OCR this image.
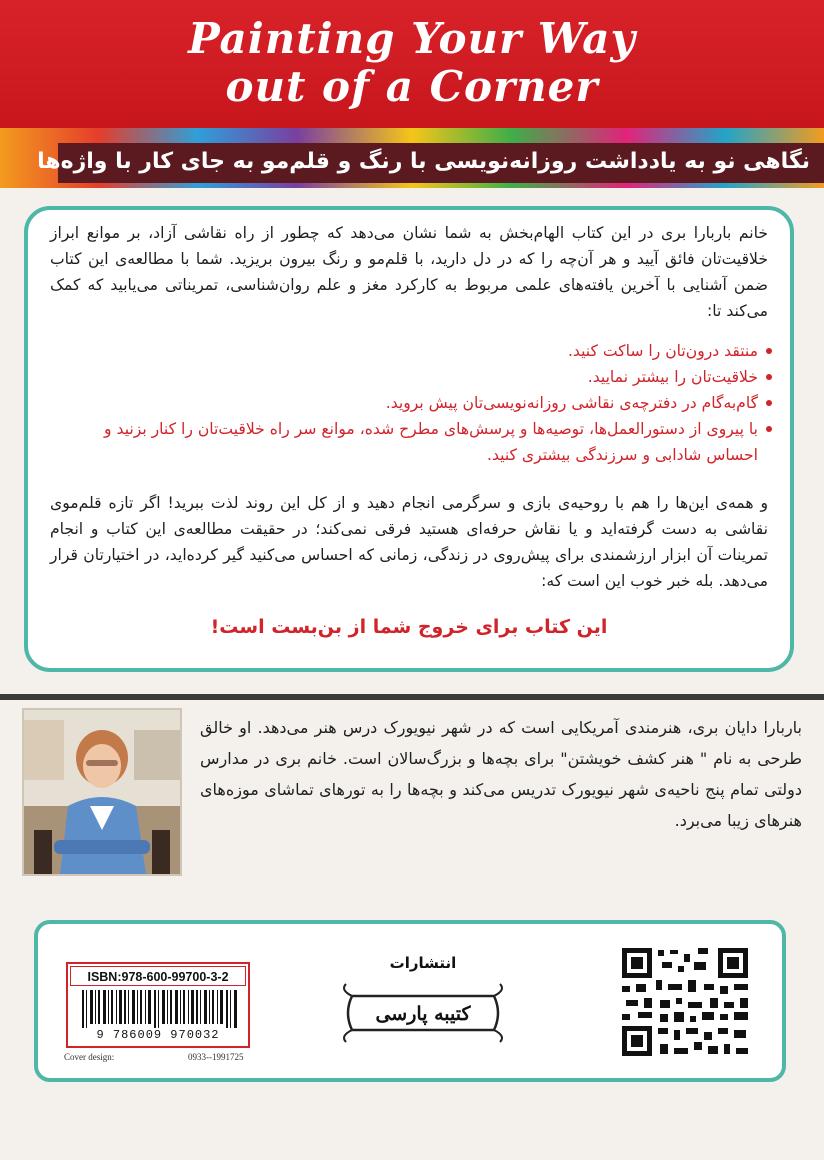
Painting Your Way
out of a Corner
نگاهی نو به یادداشت روزانه‌نویسی با رنگ و قلم‌مو به جای کار با واژه‌ها
خانم باربارا بری در این کتاب الهام‌بخش به شما نشان می‌دهد که چطور از راه نقاشی آزاد، بر موانع ابراز خلاقیت‌تان فائق آیید و هر آن‌چه را که در دل دارید، با قلم‌مو و رنگ بیرون بریزید. شما با مطالعه‌ی این کتاب ضمن آشنایی با آخرین یافته‌های علمی مربوط به کارکرد مغز و علم روان‌شناسی، تمریناتی می‌یابید که کمک می‌کند تا:
منتقد درون‌تان را ساکت کنید.
خلاقیت‌تان را بیشتر نمایید.
گام‌به‌گام در دفترچه‌ی نقاشی روزانه‌نویسی‌تان پیش بروید.
با پیروی از دستورالعمل‌ها، توصیه‌ها و پرسش‌های مطرح شده، موانع سر راه خلاقیت‌تان را کنار بزنید و احساس شادابی و سرزندگی بیشتری کنید.
و همه‌ی این‌ها را هم با روحیه‌ی بازی و سرگرمی انجام دهید و از کل این روند لذت ببرید! اگر تازه قلم‌موی نقاشی به دست گرفته‌اید و یا نقاش حرفه‌ای هستید فرقی نمی‌کند؛ در حقیقت مطالعه‌ی این کتاب و انجام تمرینات آن ابزار ارزشمندی برای پیش‌روی در زندگی، زمانی که احساس می‌کنید گیر کرده‌اید، در اختیارتان قرار می‌دهد. بله خبر خوب این است که:
این کتاب برای خروج شما از بن‌بست است!
باربارا دایان بری، هنرمندی آمریکایی است که در شهر نیویورک درس هنر می‌دهد. او خالق طرحی به نام " هنر کشف خویشتن" برای بچه‌ها و بزرگ‌سالان است. خانم بری در مدارس دولتی تمام پنج ناحیه‌ی شهر نیویورک تدریس می‌کند و بچه‌ها را به تورهای تماشای موزه‌های هنرهای زیبا می‌برد.
ISBN:978-600-99700-3-2
9 786009 970032
Cover design:	0933--1991725
انتشارات
کتیبه پارسی
